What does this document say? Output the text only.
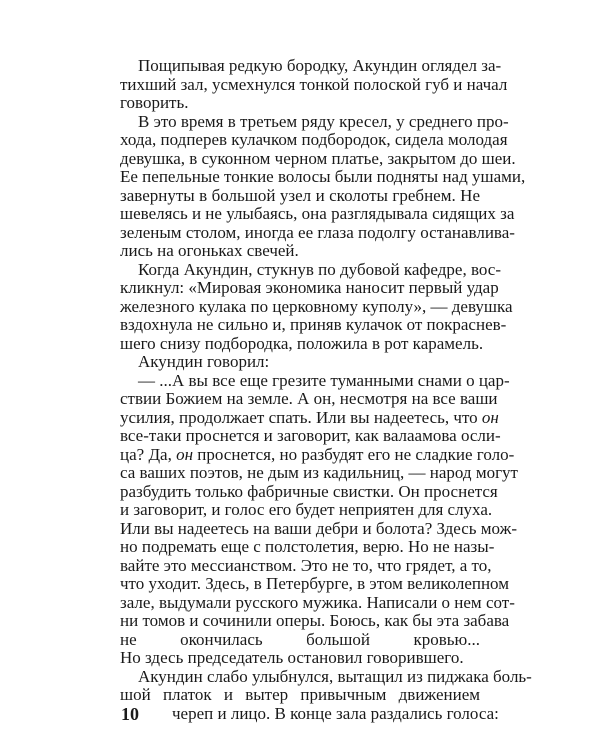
Пощипывая редкую бородку, Акундин оглядел за-
тихший зал, усмехнулся тонкой полоской губ и начал
говорить.
В это время в третьем ряду кресел, у среднего про-
хода, подперев кулачком подбородок, сидела молодая
девушка, в суконном черном платье, закрытом до шеи.
Ее пепельные тонкие волосы были подняты над ушами,
завернуты в большой узел и сколоты гребнем. Не
шевелясь и не улыбаясь, она разглядывала сидящих за
зеленым столом, иногда ее глаза подолгу останавлива-
лись на огоньках свечей.
Когда Акундин, стукнув по дубовой кафедре, вос-
кликнул: «Мировая экономика наносит первый удар
железного кулака по церковному куполу», — девушка
вздохнула не сильно и, приняв кулачок от покраснев-
шего снизу подбородка, положила в рот карамель.
Акундин говорил:
— ...А вы все еще грезите туманными снами о цар-
ствии Божием на земле. А он, несмотря на все ваши
усилия, продолжает спать. Или вы надеетесь, что он
все-таки проснется и заговорит, как валаамова осли-
ца? Да, он проснется, но разбудят его не сладкие голо-
са ваших поэтов, не дым из кадильниц, — народ могут
разбудить только фабричные свистки. Он проснется
и заговорит, и голос его будет неприятен для слуха.
Или вы надеетесь на ваши дебри и болота? Здесь мож-
но подремать еще с полстолетия, верю. Но не назы-
вайте это мессианством. Это не то, что грядет, а то,
что уходит. Здесь, в Петербурге, в этом великолепном
зале, выдумали русского мужика. Написали о нем сот-
ни томов и сочинили оперы. Боюсь, как бы эта забава
не окончилась большой кровью...
Но здесь председатель остановил говорившего.
Акундин слабо улыбнулся, вытащил из пиджака боль-
шой платок и вытер привычным движением
череп и лицо. В конце зала раздались голоса:
10
